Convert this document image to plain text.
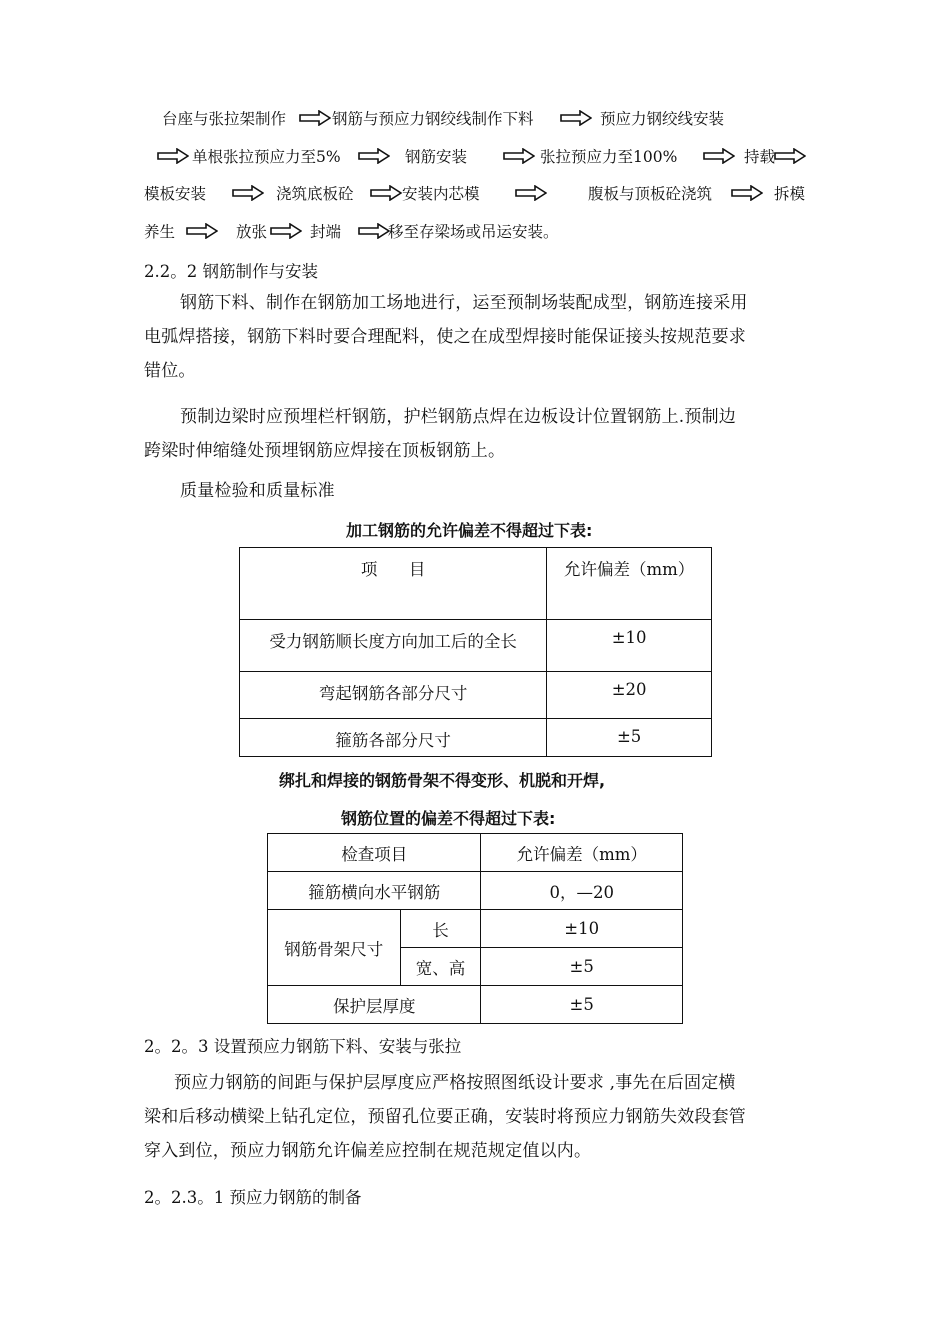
台座与张拉架制作	钢筋与预应力钢绞线制作下料	预应力钢绞线安装
单根张拉预应力至5%	钢筋安装	张拉预应力至100%	持载
模板安装	浇筑底板砼	安装内芯模	腹板与顶板砼浇筑	拆模
养生	放张	封端	移至存梁场或吊运安装。
2.2。2 钢筋制作与安装
钢筋下料、制作在钢筋加工场地进行，运至预制场装配成型，钢筋连接采用
电弧焊搭接，钢筋下料时要合理配料，使之在成型焊接时能保证接头按规范要求
错位。
预制边梁时应预埋栏杆钢筋，护栏钢筋点焊在边板设计位置钢筋上.预制边
跨梁时伸缩缝处预埋钢筋应焊接在顶板钢筋上。
质量检验和质量标准
加工钢筋的允许偏差不得超过下表:
项      目	允许偏差（mm）
受力钢筋顺长度方向加工后的全长	±10
弯起钢筋各部分尺寸	±20
箍筋各部分尺寸	±5
绑扎和焊接的钢筋骨架不得变形、机脱和开焊,
钢筋位置的偏差不得超过下表:
检查项目		允许偏差（mm）
箍筋横向水平钢筋		0，—20
钢筋骨架尺寸	长	±10
	宽、高	±5
保护层厚度		±5
2。2。3 设置预应力钢筋下料、安装与张拉
预应力钢筋的间距与保护层厚度应严格按照图纸设计要求 ,事先在后固定横
梁和后移动横梁上钻孔定位，预留孔位要正确，安装时将预应力钢筋失效段套管
穿入到位，预应力钢筋允许偏差应控制在规范规定值以内。
2。2.3。1 预应力钢筋的制备
